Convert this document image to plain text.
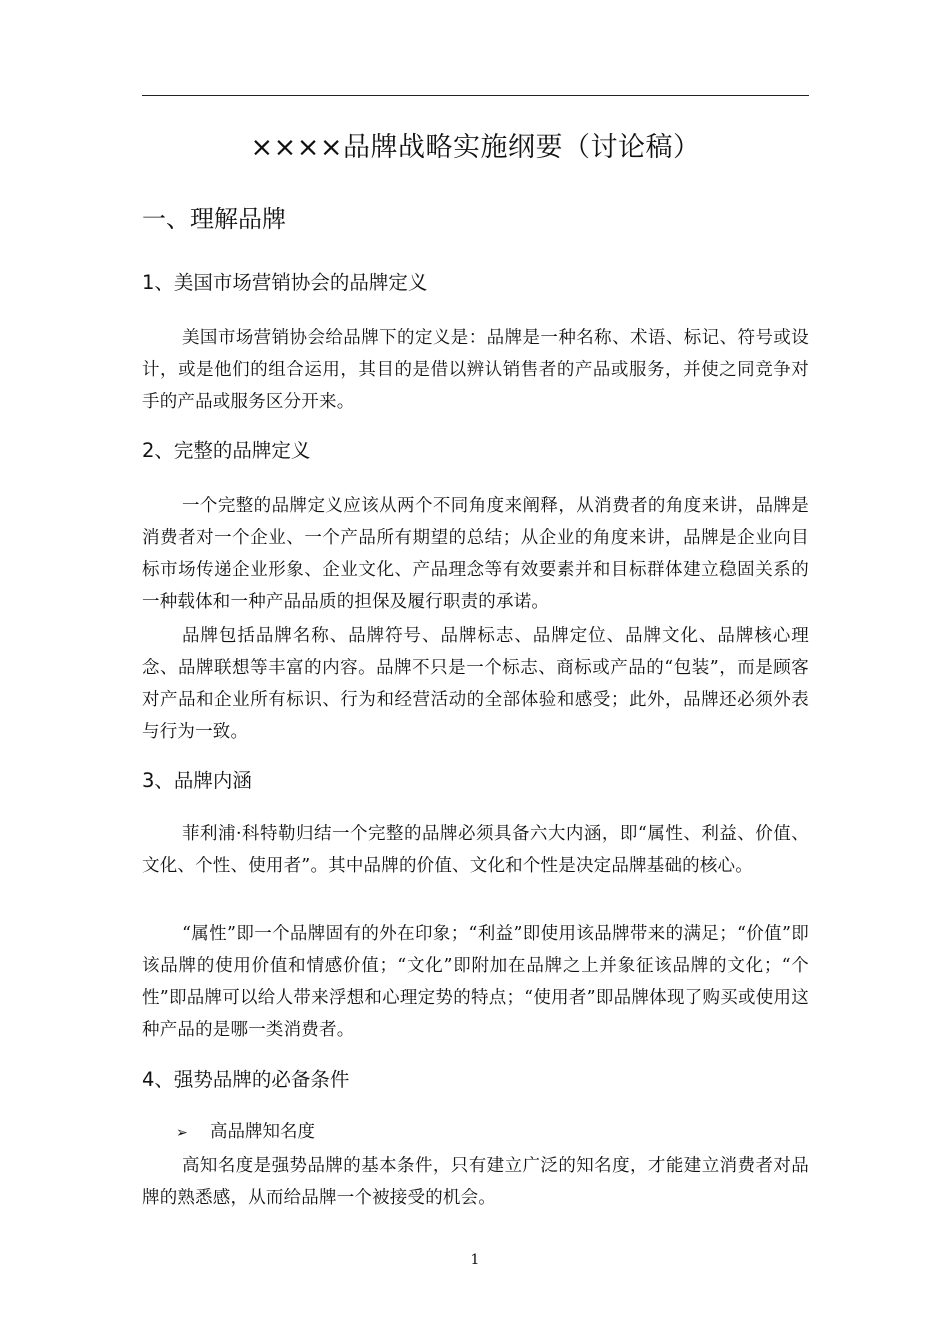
××××品牌战略实施纲要（讨论稿）
一、理解品牌
1、美国市场营销协会的品牌定义
美国市场营销协会给品牌下的定义是：品牌是一种名称、术语、标记、符号或设计，或是他们的组合运用，其目的是借以辨认销售者的产品或服务，并使之同竞争对手的产品或服务区分开来。
2、完整的品牌定义
一个完整的品牌定义应该从两个不同角度来阐释，从消费者的角度来讲，品牌是消费者对一个企业、一个产品所有期望的总结；从企业的角度来讲，品牌是企业向目标市场传递企业形象、企业文化、产品理念等有效要素并和目标群体建立稳固关系的一种载体和一种产品品质的担保及履行职责的承诺。
品牌包括品牌名称、品牌符号、品牌标志、品牌定位、品牌文化、品牌核心理念、品牌联想等丰富的内容。品牌不只是一个标志、商标或产品的“包装”，而是顾客对产品和企业所有标识、行为和经营活动的全部体验和感受；此外，品牌还必须外表与行为一致。
3、品牌内涵
菲利浦·科特勒归结一个完整的品牌必须具备六大内涵，即“属性、利益、价值、文化、个性、使用者”。其中品牌的价值、文化和个性是决定品牌基础的核心。
“属性”即一个品牌固有的外在印象；“利益”即使用该品牌带来的满足；“价值”即该品牌的使用价值和情感价值；“文化”即附加在品牌之上并象征该品牌的文化；“个性”即品牌可以给人带来浮想和心理定势的特点；“使用者”即品牌体现了购买或使用这种产品的是哪一类消费者。
4、强势品牌的必备条件
➢ 高品牌知名度
高知名度是强势品牌的基本条件，只有建立广泛的知名度，才能建立消费者对品牌的熟悉感，从而给品牌一个被接受的机会。
1
